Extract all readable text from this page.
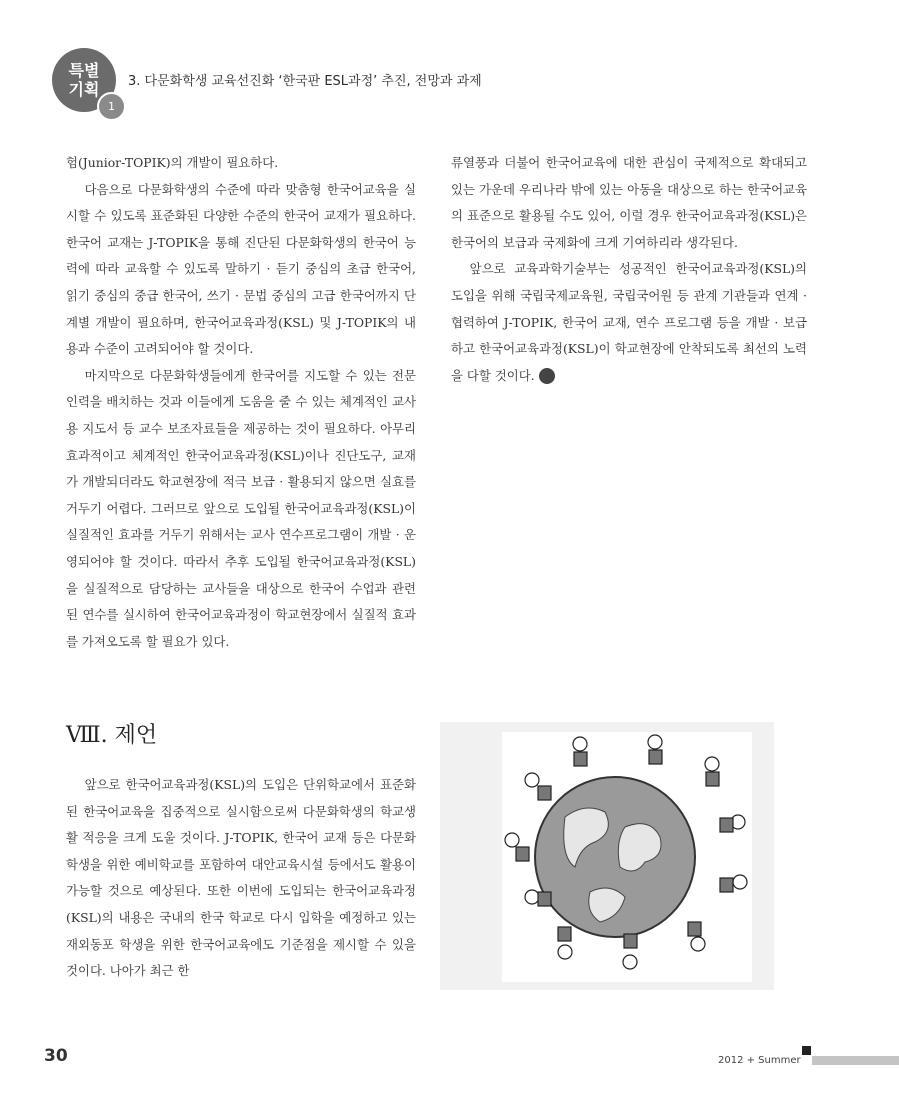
특별
기획
1
3. 다문화학생 교육선진화 ‘한국판 ESL과정’ 추진, 전망과 과제

험(Junior-TOPIK)의 개발이 필요하다.

다음으로 다문화학생의 수준에 따라 맞춤형 한국어교육을 실시할 수 있도록 표준화된 다양한 수준의 한국어 교재가 필요하다. 한국어 교재는 J-TOPIK을 통해 진단된 다문화학생의 한국어 능력에 따라 교육할 수 있도록 말하기 · 듣기 중심의 초급 한국어, 읽기 중심의 중급 한국어, 쓰기 · 문법 중심의 고급 한국어까지 단계별 개발이 필요하며, 한국어교육과정(KSL) 및 J-TOPIK의 내용과 수준이 고려되어야 할 것이다.

마지막으로 다문화학생들에게 한국어를 지도할 수 있는 전문인력을 배치하는 것과 이들에게 도움을 줄 수 있는 체계적인 교사용 지도서 등 교수 보조자료들을 제공하는 것이 필요하다. 아무리 효과적이고 체계적인 한국어교육과정(KSL)이나 진단도구, 교재가 개발되더라도 학교현장에 적극 보급 · 활용되지 않으면 실효를 거두기 어렵다. 그러므로 앞으로 도입될 한국어교육과정(KSL)이 실질적인 효과를 거두기 위해서는 교사 연수프로그램이 개발 · 운영되어야 할 것이다. 따라서 추후 도입될 한국어교육과정(KSL)을 실질적으로 담당하는 교사들을 대상으로 한국어 수업과 관련된 연수를 실시하여 한국어교육과정이 학교현장에서 실질적 효과를 가져오도록 할 필요가 있다.

류열풍과 더불어 한국어교육에 대한 관심이 국제적으로 확대되고 있는 가운데 우리나라 밖에 있는 아동을 대상으로 하는 한국어교육의 표준으로 활용될 수도 있어, 이럴 경우 한국어교육과정(KSL)은 한국어의 보급과 국제화에 크게 기여하리라 생각된다.

앞으로 교육과학기술부는 성공적인 한국어교육과정(KSL)의 도입을 위해 국립국제교육원, 국립국어원 등 관계 기관들과 연계 · 협력하여 J-TOPIK, 한국어 교재, 연수 프로그램 등을 개발 · 보급하고 한국어교육과정(KSL)이 학교현장에 안착되도록 최선의 노력을 다할 것이다. ⓚ

Ⅷ. 제언

앞으로 한국어교육과정(KSL)의 도입은 단위학교에서 표준화된 한국어교육을 집중적으로 실시함으로써 다문화학생의 학교생활 적응을 크게 도울 것이다. J-TOPIK, 한국어 교재 등은 다문화학생을 위한 예비학교를 포함하여 대안교육시설 등에서도 활용이 가능할 것으로 예상된다. 또한 이번에 도입되는 한국어교육과정(KSL)의 내용은 국내의 한국 학교로 다시 입학을 예정하고 있는 재외동포 학생을 위한 한국어교육에도 기준점을 제시할 수 있을 것이다. 나아가 최근 한

30	2012 + Summer
